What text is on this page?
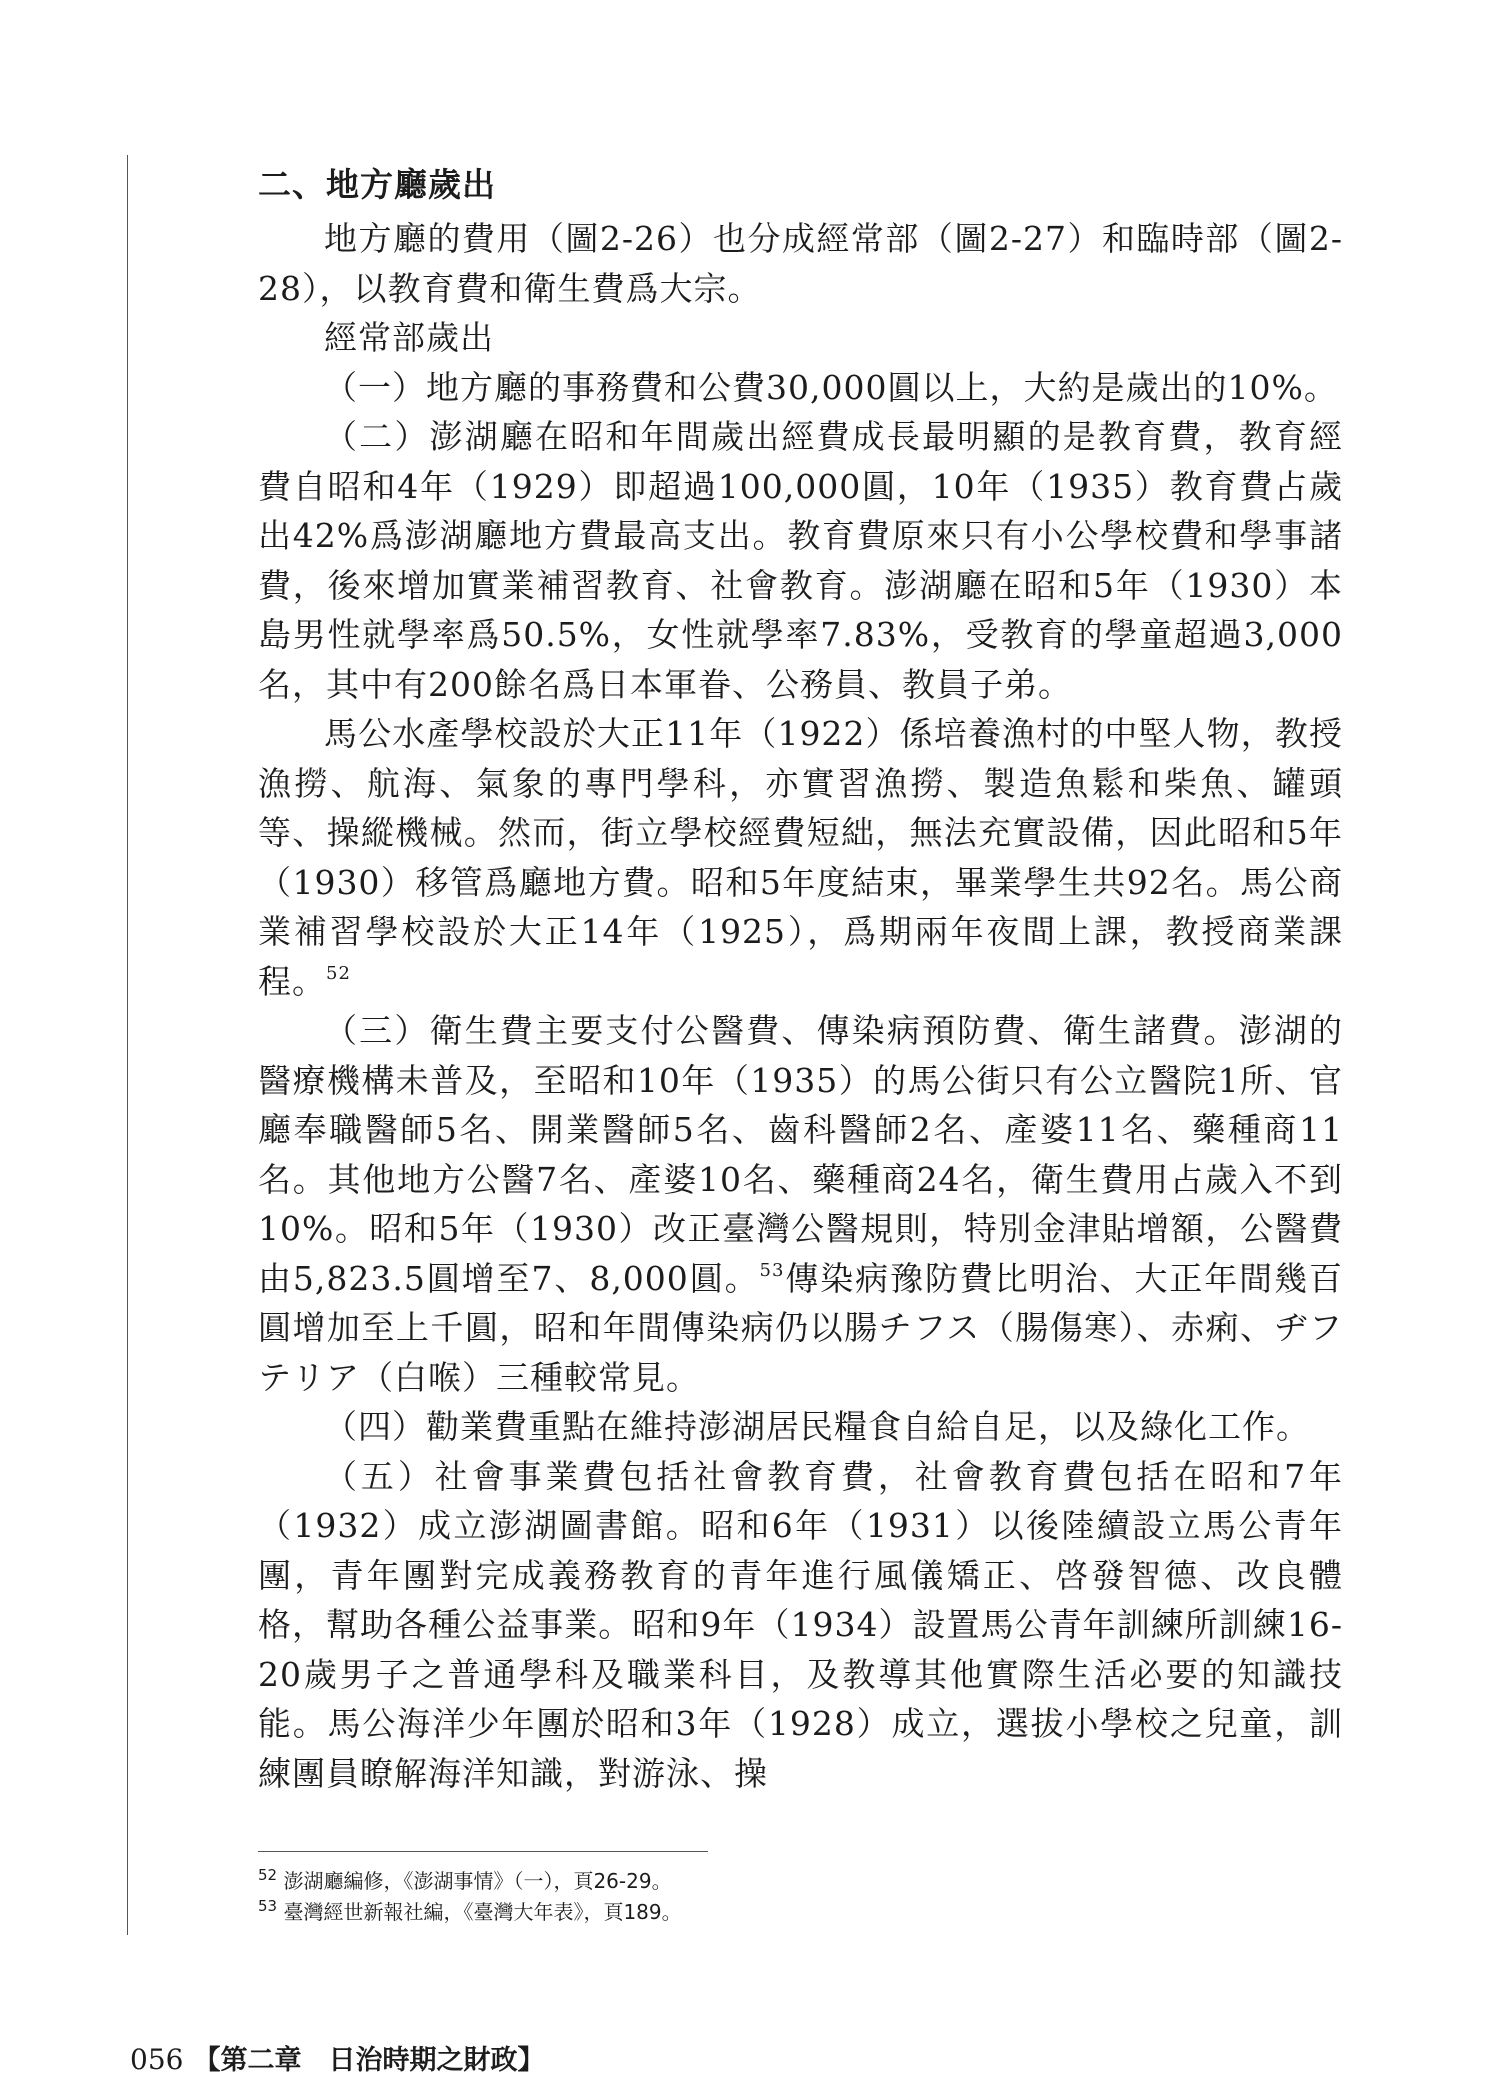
二、地方廳歲出

地方廳的費用（圖2-26）也分成經常部（圖2-27）和臨時部（圖2-28），以教育費和衛生費爲大宗。

經常部歲出

（一）地方廳的事務費和公費30,000圓以上，大約是歲出的10%。

（二）澎湖廳在昭和年間歲出經費成長最明顯的是教育費，教育經費自昭和4年（1929）即超過100,000圓，10年（1935）教育費占歲出42%爲澎湖廳地方費最高支出。教育費原來只有小公學校費和學事諸費，後來增加實業補習教育、社會教育。澎湖廳在昭和5年（1930）本島男性就學率爲50.5%，女性就學率7.83%，受教育的學童超過3,000名，其中有200餘名爲日本軍眷、公務員、教員子弟。

馬公水產學校設於大正11年（1922）係培養漁村的中堅人物，教授漁撈、航海、氣象的專門學科，亦實習漁撈、製造魚鬆和柴魚、罐頭等、操縱機械。然而，街立學校經費短絀，無法充實設備，因此昭和5年（1930）移管爲廳地方費。昭和5年度結束，畢業學生共92名。馬公商業補習學校設於大正14年（1925），爲期兩年夜間上課，教授商業課程。$^{52}$

（三）衛生費主要支付公醫費、傳染病預防費、衛生諸費。澎湖的醫療機構未普及，至昭和10年（1935）的馬公街只有公立醫院1所、官廳奉職醫師5名、開業醫師5名、齒科醫師2名、產婆11名、藥種商11名。其他地方公醫7名、產婆10名、藥種商24名，衛生費用占歲入不到10%。昭和5年（1930）改正臺灣公醫規則，特別金津貼增額，公醫費由5,823.5圓增至7、8,000圓。$^{53}$傳染病豫防費比明治、大正年間幾百圓增加至上千圓，昭和年間傳染病仍以腸チフス（腸傷寒）、赤痢、ヂフテリア（白喉）三種較常見。

（四）勸業費重點在維持澎湖居民糧食自給自足，以及綠化工作。

（五）社會事業費包括社會教育費，社會教育費包括在昭和7年（1932）成立澎湖圖書館。昭和6年（1931）以後陸續設立馬公青年團，青年團對完成義務教育的青年進行風儀矯正、啓發智德、改良體格，幫助各種公益事業。昭和9年（1934）設置馬公青年訓練所訓練16-20歲男子之普通學科及職業科目，及教導其他實際生活必要的知識技能。馬公海洋少年團於昭和3年（1928）成立，選拔小學校之兒童，訓練團員瞭解海洋知識，對游泳、操

$^{52}$ 澎湖廳編修，《澎湖事情》（一），頁26-29。
$^{53}$ 臺灣經世新報社編，《臺灣大年表》，頁189。
056 【第二章　日治時期之財政】
